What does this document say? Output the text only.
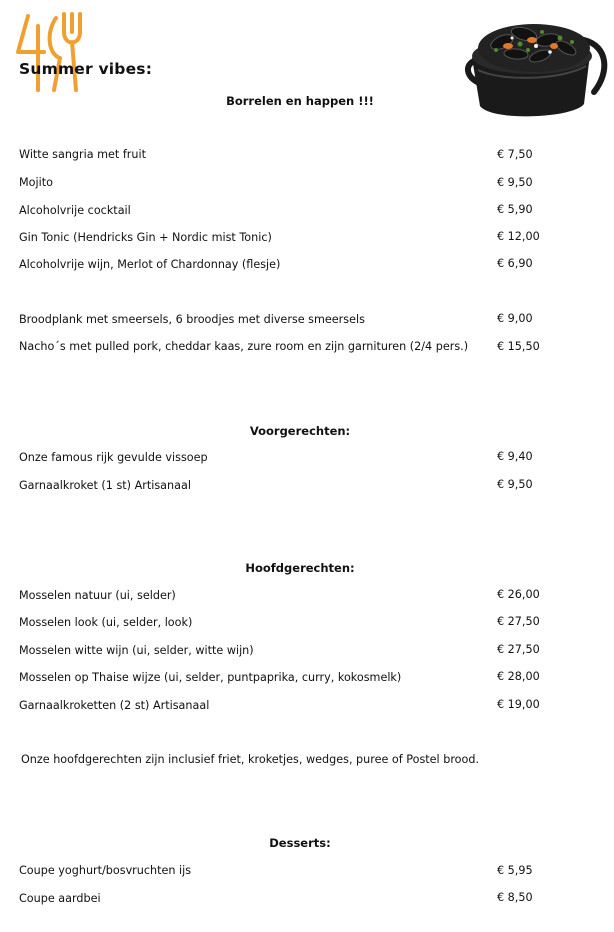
Summer vibes:
Borrelen en happen !!!
Witte sangria met fruit	€ 7,50
Mojito	€ 9,50
Alcoholvrije cocktail	€ 5,90
Gin Tonic (Hendricks Gin + Nordic mist Tonic)	€ 12,00
Alcoholvrije wijn, Merlot of Chardonnay (flesje)	€ 6,90
Broodplank met smeersels, 6 broodjes met diverse smeersels	€ 9,00
Nacho´s met pulled pork, cheddar kaas, zure room en zijn garnituren (2/4 pers.)	€ 15,50
Voorgerechten:
Onze famous rijk gevulde vissoep	€ 9,40
Garnaalkroket (1 st) Artisanaal	€ 9,50
Hoofdgerechten:
Mosselen natuur (ui, selder)	€ 26,00
Mosselen look (ui, selder, look)	€ 27,50
Mosselen witte wijn (ui, selder, witte wijn)	€ 27,50
Mosselen op Thaise wijze (ui, selder, puntpaprika, curry, kokosmelk)	€ 28,00
Garnaalkroketten (2 st) Artisanaal	€ 19,00
Onze hoofdgerechten zijn inclusief friet, kroketjes, wedges, puree of Postel brood.
Desserts:
Coupe yoghurt/bosvruchten ijs	€ 5,95
Coupe aardbei	€ 8,50
